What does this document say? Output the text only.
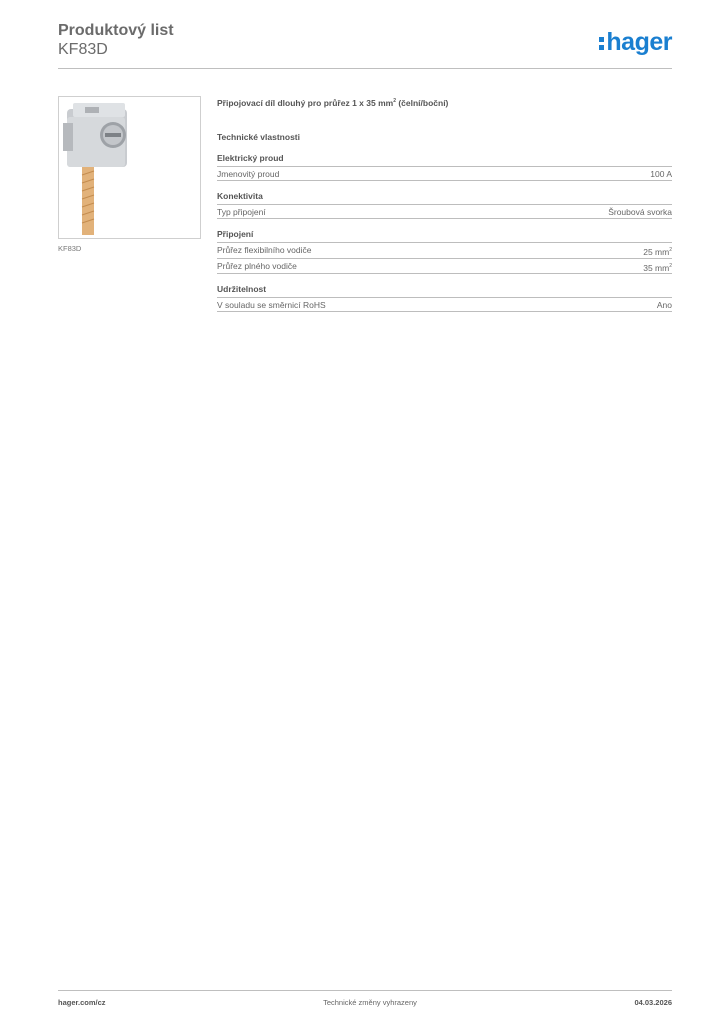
Produktový list
KF83D	hager
KF83D
Připojovací díl dlouhý pro průřez 1 x 35 $mm^2$ (čelní/boční)
Technické vlastnosti
Elektrický proud
Jmenovitý proud	100 A
Konektivita
Typ připojení	Šroubová svorka
Připojení
Průřez flexibilního vodiče	25 $mm^2$
Průřez plného vodiče	35 $mm^2$
Udržitelnost
V souladu se směrnicí RoHS	Ano
hager.com/cz	Technické změny vyhrazeny	04.03.2026
